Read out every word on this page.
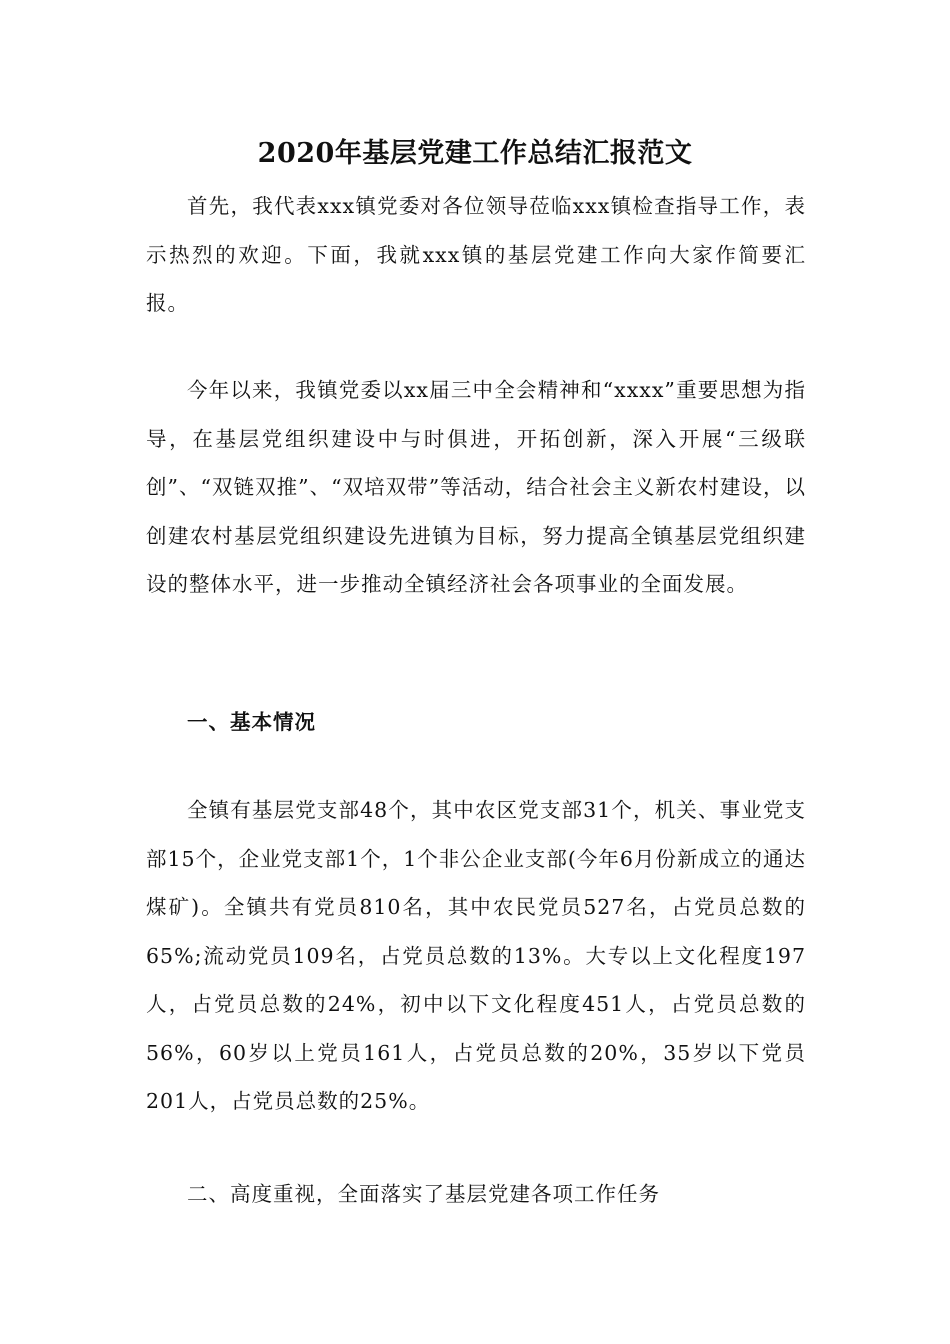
2020年基层党建工作总结汇报范文

首先，我代表xxx镇党委对各位领导莅临xxx镇检查指导工作，表示热烈的欢迎。下面，我就xxx镇的基层党建工作向大家作简要汇报。

今年以来，我镇党委以xx届三中全会精神和“xxxx”重要思想为指导，在基层党组织建设中与时俱进，开拓创新，深入开展“三级联创”、“双链双推”、“双培双带”等活动，结合社会主义新农村建设，以创建农村基层党组织建设先进镇为目标，努力提高全镇基层党组织建设的整体水平，进一步推动全镇经济社会各项事业的全面发展。

一、基本情况

全镇有基层党支部48个，其中农区党支部31个，机关、事业党支部15个，企业党支部1个，1个非公企业支部(今年6月份新成立的通达煤矿)。全镇共有党员810名，其中农民党员527名，占党员总数的65%;流动党员109名，占党员总数的13%。大专以上文化程度197人，占党员总数的24%，初中以下文化程度451人，占党员总数的56%，60岁以上党员161人，占党员总数的20%，35岁以下党员201人，占党员总数的25%。

二、高度重视，全面落实了基层党建各项工作任务
